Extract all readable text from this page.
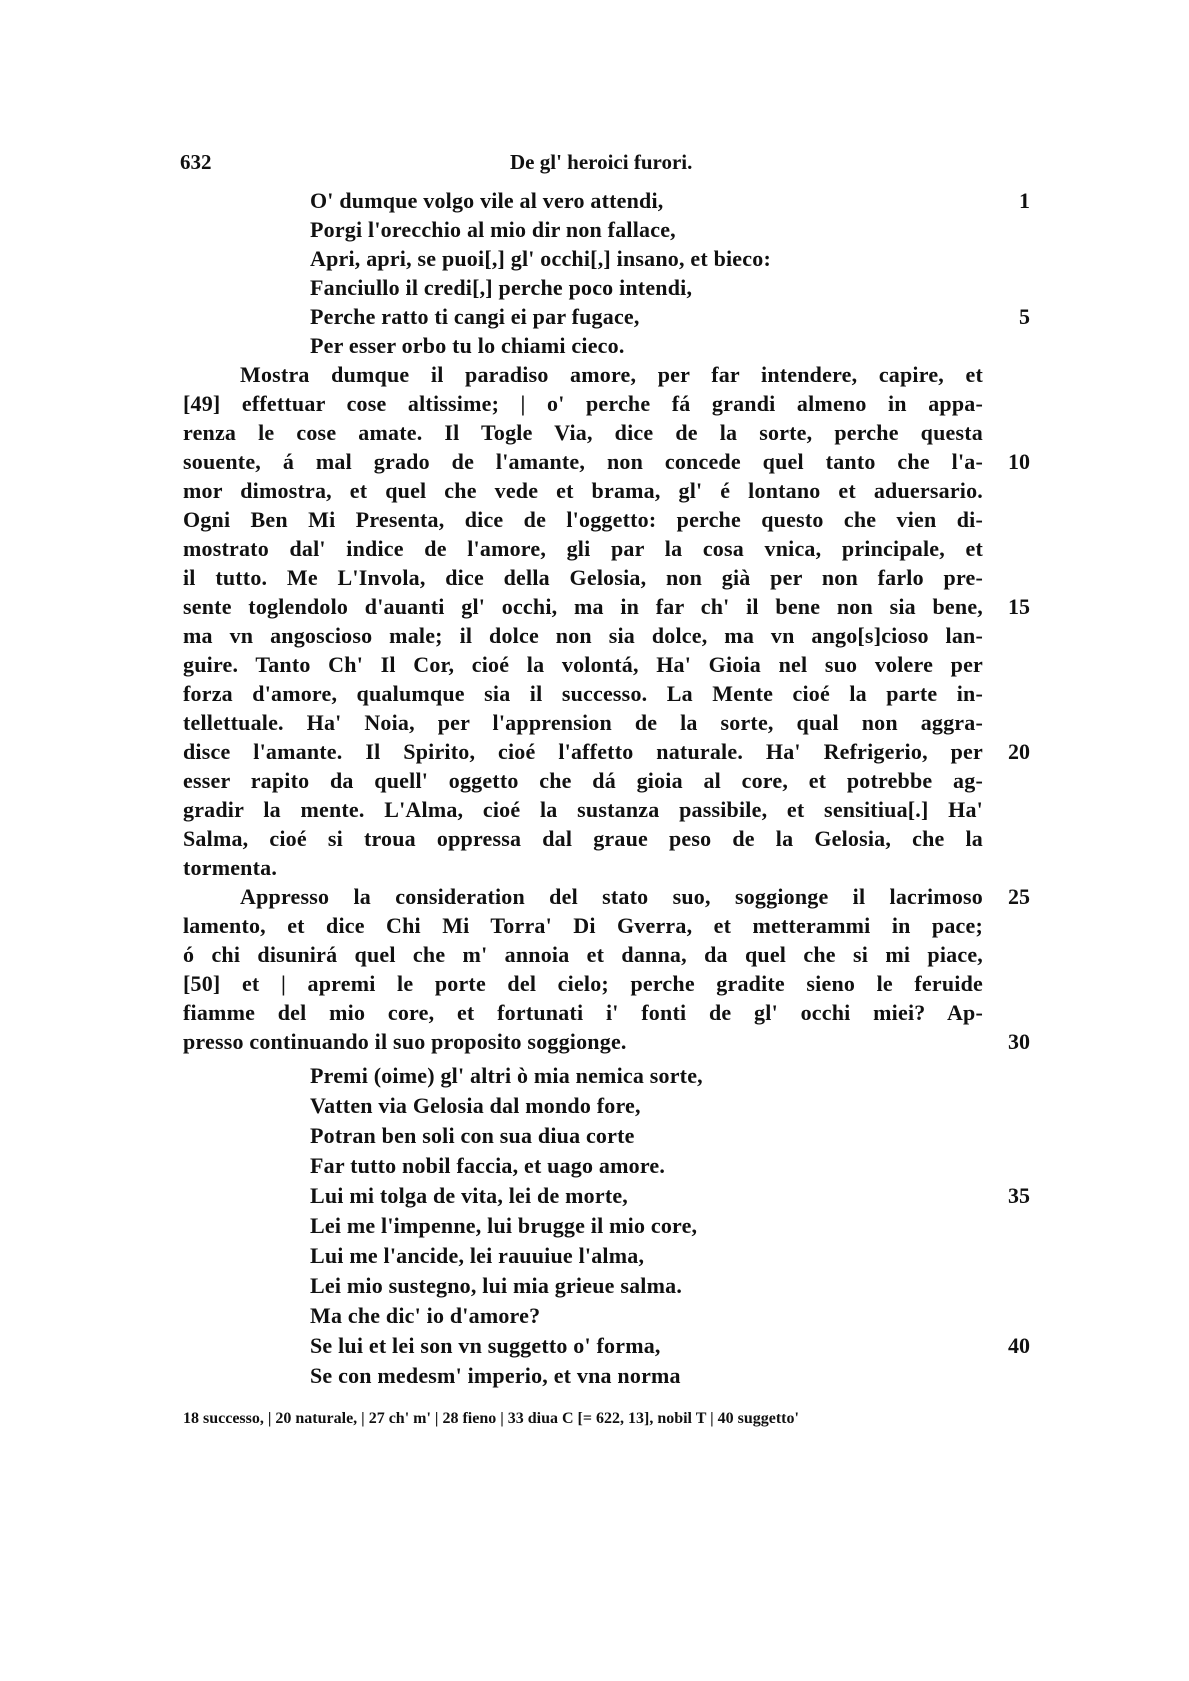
632	De gl' heroici furori.
O' dumque volgo vile al vero attendi,
Porgi l'orecchio al mio dir non fallace,
Apri, apri, se puoi[,] gl' occhi[,] insano, et bieco:
Fanciullo il credi[,] perche poco intendi,
Perche ratto ti cangi ei par fugace,
Per esser orbo tu lo chiami cieco.
Mostra dumque il paradiso amore, per far intendere, capire, et
[49] effettuar cose altissime; | o' perche fá grandi almeno in appa-
renza le cose amate. Il Togle Via, dice de la sorte, perche questa
souente, á mal grado de l'amante, non concede quel tanto che l'a-
mor dimostra, et quel che vede et brama, gl' é lontano et aduersario.
Ogni Ben Mi Presenta, dice de l'oggetto: perche questo che vien di-
mostrato dal' indice de l'amore, gli par la cosa vnica, principale, et
il tutto. Me L'Invola, dice della Gelosia, non già per non farlo pre-
sente toglendolo d'auanti gl' occhi, ma in far ch' il bene non sia bene,
ma vn angoscioso male; il dolce non sia dolce, ma vn ango[s]cioso lan-
guire. Tanto Ch' Il Cor, cioé la volontá, Ha' Gioia nel suo volere per
forza d'amore, qualumque sia il successo. La Mente cioé la parte in-
tellettuale. Ha' Noia, per l'apprension de la sorte, qual non aggra-
disce l'amante. Il Spirito, cioé l'affetto naturale. Ha' Refrigerio, per
esser rapito da quell' oggetto che dá gioia al core, et potrebbe ag-
gradir la mente. L'Alma, cioé la sustanza passibile, et sensitiua[.] Ha'
Salma, cioé si troua oppressa dal graue peso de la Gelosia, che la
tormenta.
Appresso la consideration del stato suo, soggionge il lacrimoso
lamento, et dice Chi Mi Torra' Di Gverra, et metterammi in pace;
ó chi disunirá quel che m' annoia et danna, da quel che si mi piace,
[50] et | apremi le porte del cielo; perche gradite sieno le feruide
fiamme del mio core, et fortunati i' fonti de gl' occhi miei? Ap-
presso continuando il suo proposito soggionge.
Premi (oime) gl' altri ò mia nemica sorte,
Vatten via Gelosia dal mondo fore,
Potran ben soli con sua diua corte
Far tutto nobil faccia, et uago amore.
Lui mi tolga de vita, lei de morte,
Lei me l'impenne, lui brugge il mio core,
Lui me l'ancide, lei rauuiue l'alma,
Lei mio sustegno, lui mia grieue salma.
Ma che dic' io d'amore?
1
5
10
15
20
25
30
35
40
18 successo, | 20 naturale, | 27 ch' m' | 28 fieno | 33 diua C [= 622, 13], nobil T | 40 suggetto'
Se lui et lei son vn suggetto o' forma,
Se con medesm' imperio, et vna norma
